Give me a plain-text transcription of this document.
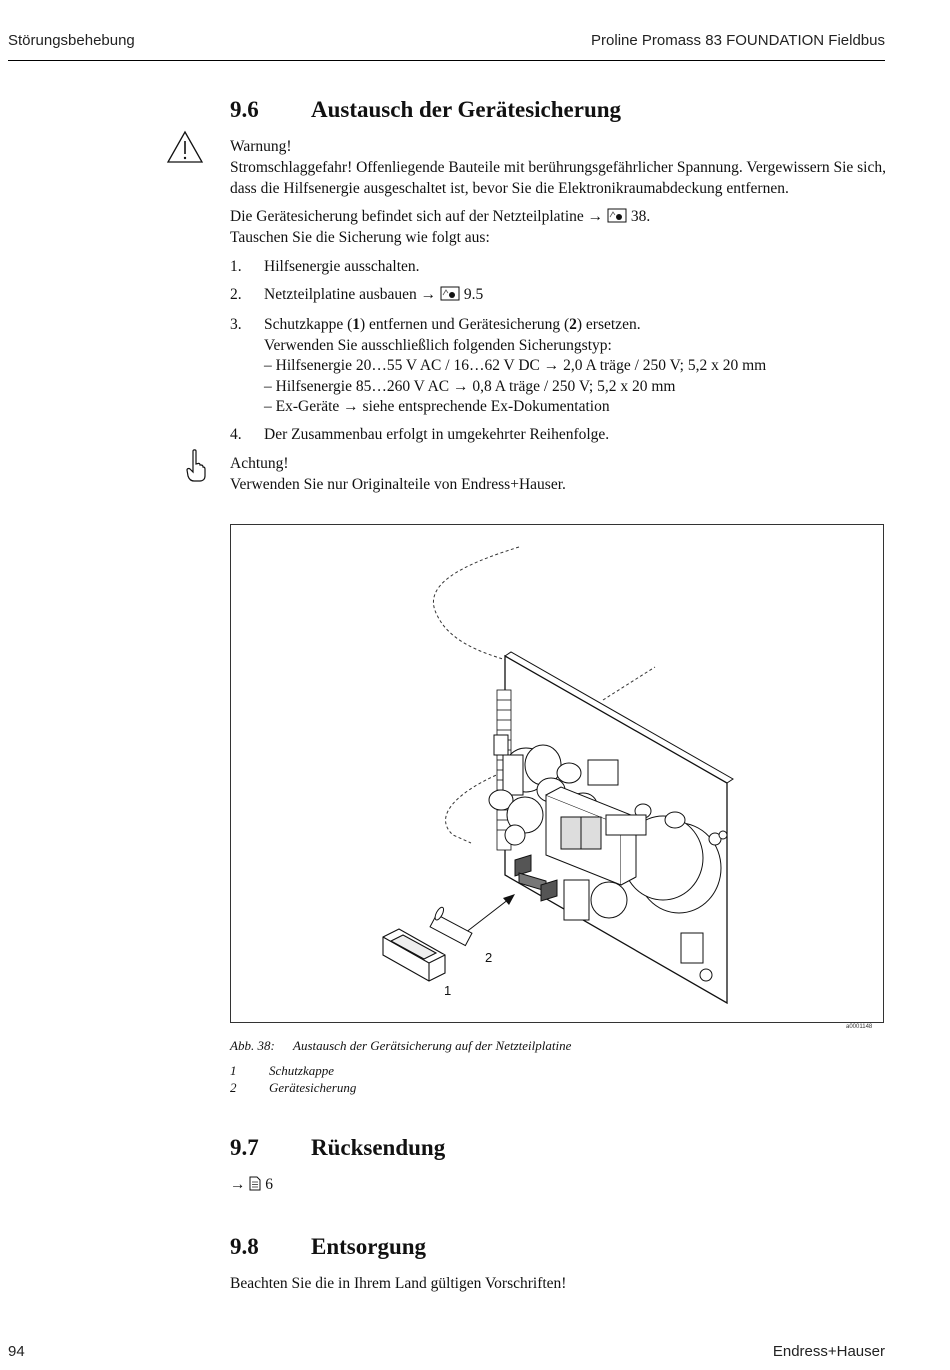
Störungsbehebung	Proline Promass 83 FOUNDATION Fieldbus
9.6 Austausch der Gerätesicherung
Warnung!
Stromschlaggefahr! Offenliegende Bauteile mit berührungsgefährlicher Spannung. Vergewissern Sie sich, dass die Hilfsenergie ausgeschaltet ist, bevor Sie die Elektronikraumabdeckung entfernen.
Die Gerätesicherung befindet sich auf der Netzteilplatine → 38.
Tauschen Sie die Sicherung wie folgt aus:
1. Hilfsenergie ausschalten.
2. Netzteilplatine ausbauen → 9.5
3. Schutzkappe (1) entfernen und Gerätesicherung (2) ersetzen.
Verwenden Sie ausschließlich folgenden Sicherungstyp:
– Hilfsenergie 20…55 V AC / 16…62 V DC → 2,0 A träge / 250 V; 5,2 x 20 mm
– Hilfsenergie 85…260 V AC → 0,8 A träge / 250 V; 5,2 x 20 mm
– Ex-Geräte → siehe entsprechende Ex-Dokumentation
4. Der Zusammenbau erfolgt in umgekehrter Reihenfolge.
Achtung!
Verwenden Sie nur Originalteile von Endress+Hauser.
2
1
a0001148
Abb. 38: Austausch der Gerätsicherung auf der Netzteilplatine
1	Schutzkappe
2	Gerätesicherung
9.7 Rücksendung
→ 6
9.8 Entsorgung
Beachten Sie die in Ihrem Land gültigen Vorschriften!
94	Endress+Hauser
